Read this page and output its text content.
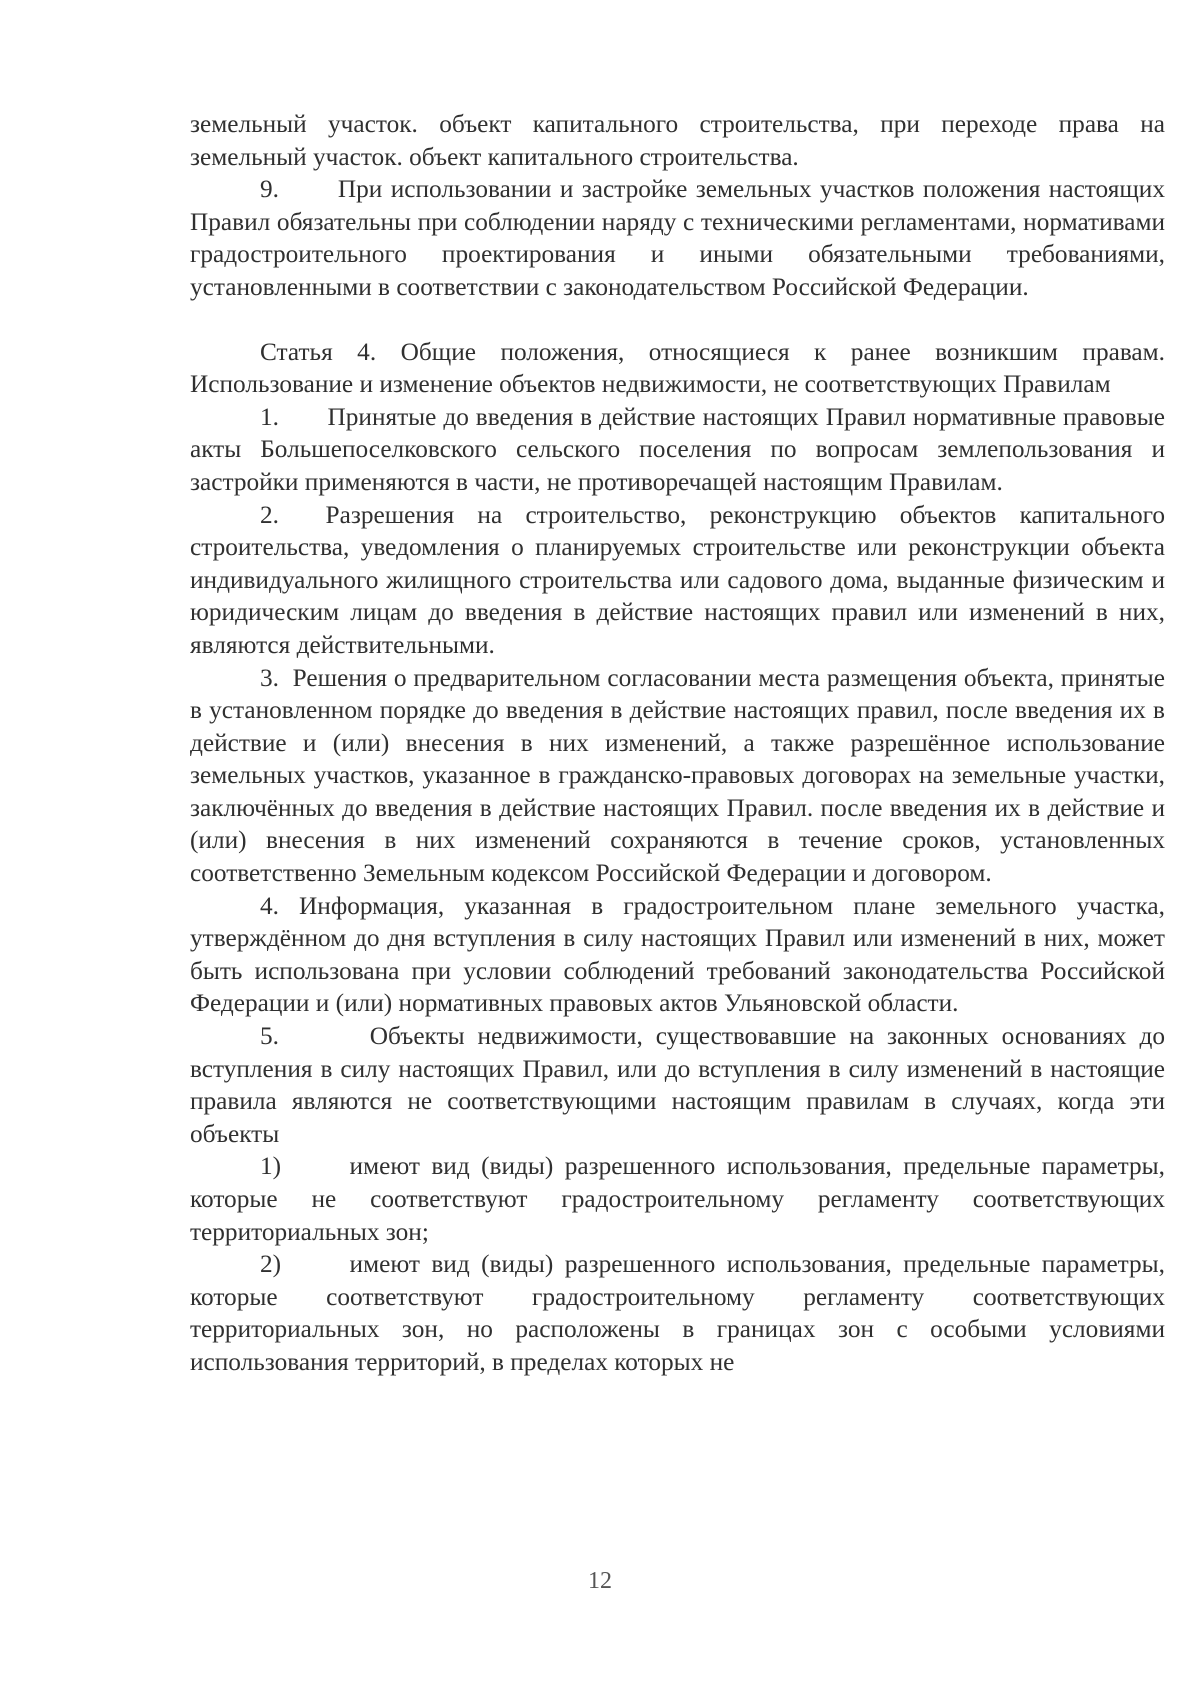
земельный участок. объект капитального строительства, при переходе права на земельный участок. объект капитального строительства.

9.       При использовании и застройке земельных участков положения настоящих Правил обязательны при соблюдении наряду с техническими регламентами, нормативами градостроительного проектирования и иными обязательными требованиями, установленными в соответствии с законодательством Российской Федерации.

Статья 4. Общие положения, относящиеся к ранее возникшим правам. Использование и изменение объектов недвижимости, не соответствующих Правилам

1.       Принятые до введения в действие настоящих Правил нормативные правовые акты Большепоселковского сельского поселения по вопросам землепользования и застройки применяются в части, не противоречащей настоящим Правилам.

2.  Разрешения на строительство, реконструкцию объектов капитального строительства, уведомления о планируемых строительстве или реконструкции объекта индивидуального жилищного строительства или садового дома, выданные физическим и юридическим лицам до введения в действие настоящих правил или изменений в них, являются действительными.

3.  Решения о предварительном согласовании места размещения объекта, принятые в установленном порядке до введения в действие настоящих правил, после введения их в действие и (или) внесения в них изменений, а также разрешённое использование земельных участков, указанное в гражданско-правовых договорах на земельные участки, заключённых до введения в действие настоящих Правил. после введения их в действие и (или) внесения в них изменений сохраняются в течение сроков, установленных соответственно Земельным кодексом Российской Федерации и договором.

4. Информация, указанная в градостроительном плане земельного участка, утверждённом до дня вступления в силу настоящих Правил или изменений в них, может быть использована при условии соблюдений требований законодательства Российской Федерации и (или) нормативных правовых актов Ульяновской области.

5.       Объекты недвижимости, существовавшие на законных основаниях до вступления в силу настоящих Правил, или до вступления в силу изменений в настоящие правила являются не соответствующими настоящим правилам в случаях, когда эти объекты

1)      имеют вид (виды) разрешенного использования, предельные параметры, которые не соответствуют градостроительному регламенту соответствующих территориальных зон;

2)      имеют вид (виды) разрешенного использования, предельные параметры, которые соответствуют градостроительному регламенту соответствующих территориальных зон, но расположены в границах зон с особыми условиями использования территорий, в пределах которых не

12
